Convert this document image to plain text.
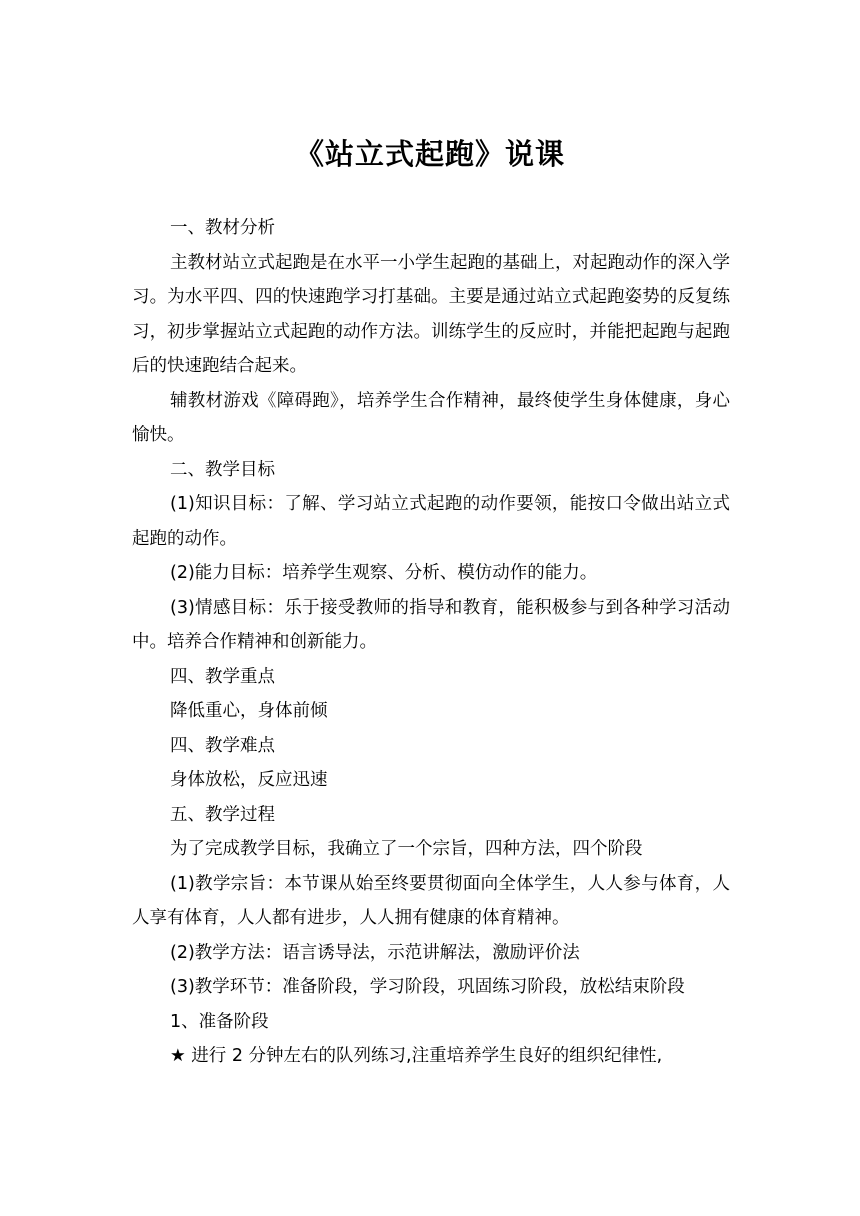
《站立式起跑》说课

一、教材分析

主教材站立式起跑是在水平一小学生起跑的基础上，对起跑动作的深入学习。为水平四、四的快速跑学习打基础。主要是通过站立式起跑姿势的反复练习，初步掌握站立式起跑的动作方法。训练学生的反应时，并能把起跑与起跑后的快速跑结合起来。

辅教材游戏《障碍跑》，培养学生合作精神，最终使学生身体健康，身心愉快。

二、教学目标

(1)知识目标：了解、学习站立式起跑的动作要领，能按口令做出站立式起跑的动作。

(2)能力目标：培养学生观察、分析、模仿动作的能力。

(3)情感目标：乐于接受教师的指导和教育，能积极参与到各种学习活动中。培养合作精神和创新能力。

四、教学重点

降低重心，身体前倾

四、教学难点

身体放松，反应迅速

五、教学过程

为了完成教学目标，我确立了一个宗旨，四种方法，四个阶段

(1)教学宗旨：本节课从始至终要贯彻面向全体学生，人人参与体育，人人享有体育，人人都有进步，人人拥有健康的体育精神。

(2)教学方法：语言诱导法，示范讲解法，激励评价法

(3)教学环节：准备阶段，学习阶段，巩固练习阶段，放松结束阶段

1、准备阶段

★ 进行 2 分钟左右的队列练习,注重培养学生良好的组织纪律性,
